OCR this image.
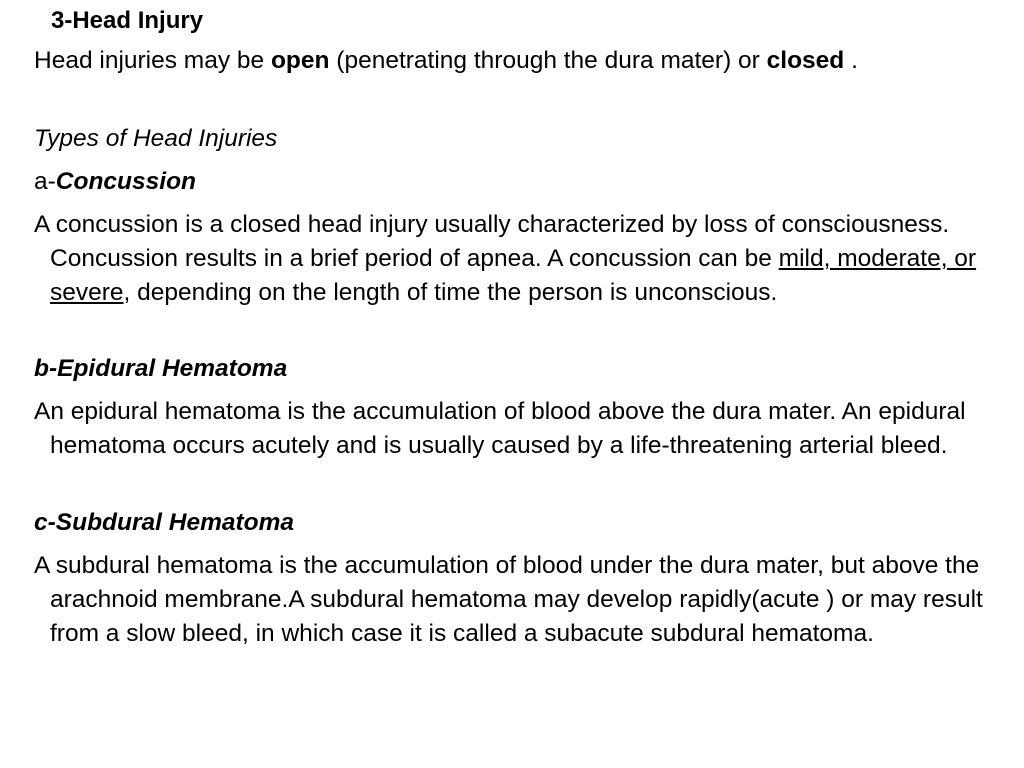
3-Head Injury
Head injuries may be open (penetrating through the dura mater) or closed .
Types of Head Injuries
a-Concussion
A concussion is a closed head injury usually characterized by loss of consciousness. Concussion results in a brief period of apnea. A concussion can be mild, moderate, or severe, depending on the length of time the person is unconscious.
b-Epidural Hematoma
An epidural hematoma is the accumulation of blood above the dura mater. An epidural hematoma occurs acutely and is usually caused by a life-threatening arterial bleed.
c-Subdural Hematoma
A subdural hematoma is the accumulation of blood under the dura mater, but above the arachnoid membrane.A subdural hematoma may develop rapidly(acute ) or may result from a slow bleed, in which case it is called a subacute subdural hematoma.
